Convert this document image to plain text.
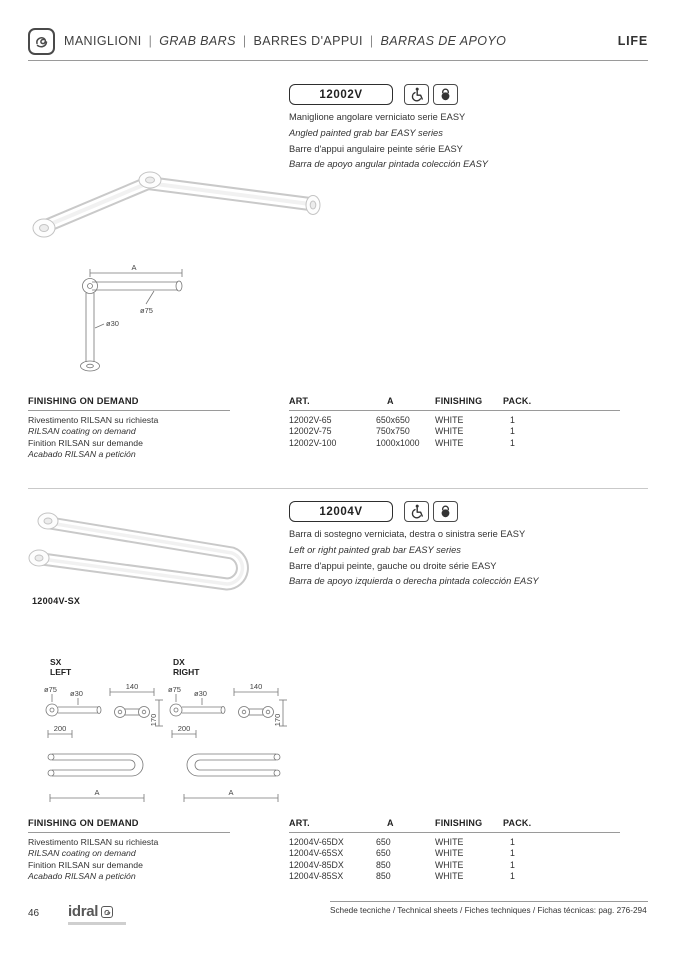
MANIGLIONI | GRAB BARS | BARRES D'APPUI | BARRAS DE APOYO	LIFE
12002V
Maniglione angolare verniciato serie EASY
Angled painted grab bar EASY series
Barre d'appui angulaire peinte série EASY
Barra de apoyo angular pintada colección EASY
A
ø75
ø30
FINISHING ON DEMAND
Rivestimento RILSAN su richiesta
RILSAN coating on demand
Finition RILSAN sur demande
Acabado RILSAN a petición
ART.	A	FINISHING	PACK.
12002V-65	650x650	WHITE	1
12002V-75	750x750	WHITE	1
12002V-100	1000x1000	WHITE	1
12004V
Barra di sostegno verniciata, destra o sinistra serie EASY
Left or right painted grab bar EASY series
Barre d'appui peinte, gauche ou droite série EASY
Barra de apoyo izquierda o derecha pintada colección EASY
12004V-SX
SX
LEFT
DX
RIGHT
ø75 ø30
140
170
200
A
ø75 ø30
140
170
200
A
FINISHING ON DEMAND
Rivestimento RILSAN su richiesta
RILSAN coating on demand
Finition RILSAN sur demande
Acabado RILSAN a petición
ART.	A	FINISHING	PACK.
12004V-65DX	650	WHITE	1
12004V-65SX	650	WHITE	1
12004V-85DX	850	WHITE	1
12004V-85SX	850	WHITE	1
Schede tecniche / Technical sheets / Fiches techniques / Fichas técnicas: pag. 276-294
46 idral
